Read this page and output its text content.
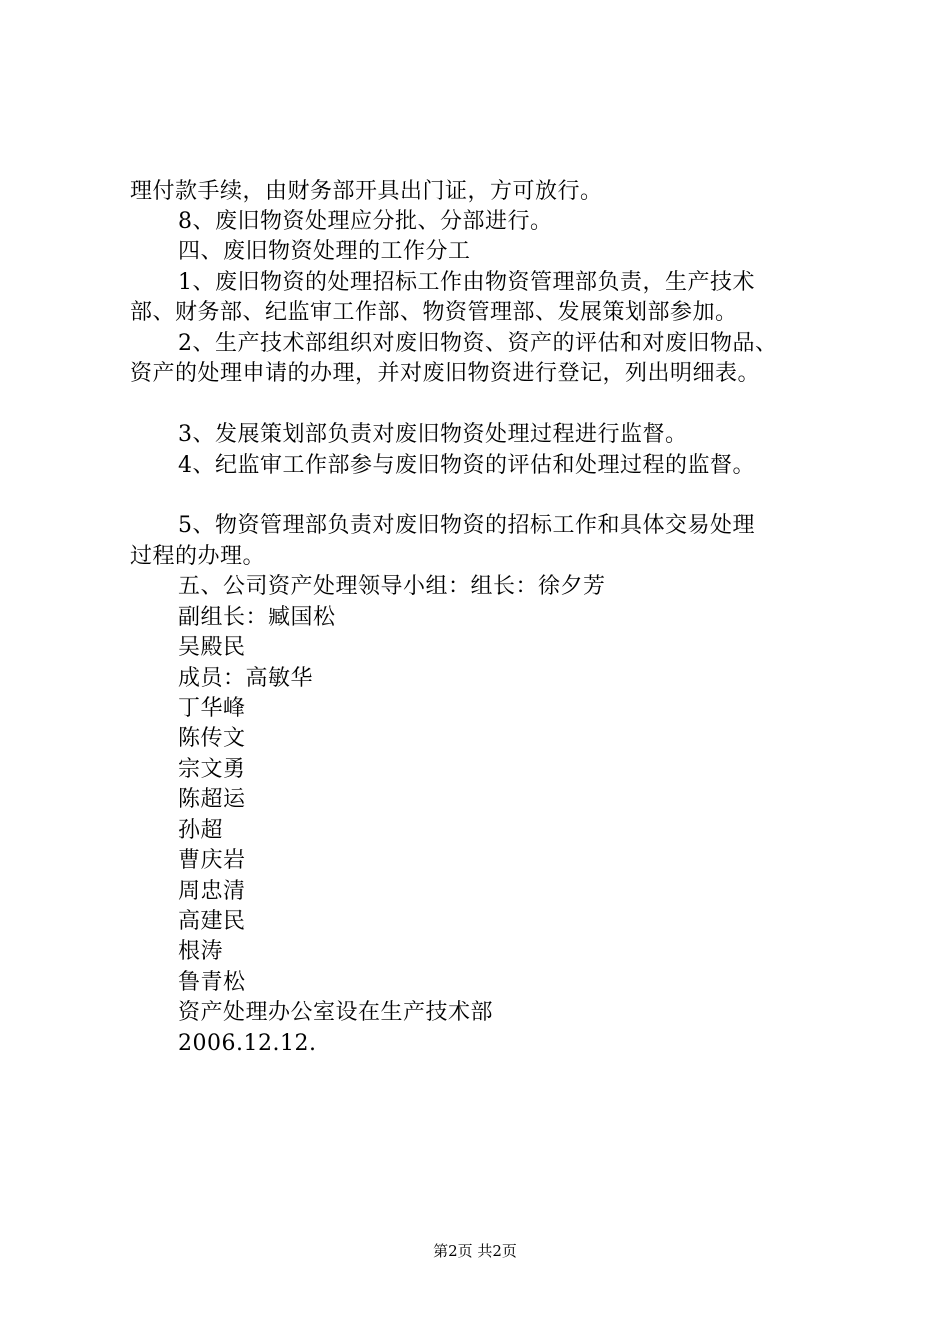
理付款手续，由财务部开具出门证，方可放行。
8、废旧物资处理应分批、分部进行。
四、废旧物资处理的工作分工
1、废旧物资的处理招标工作由物资管理部负责，生产技术
部、财务部、纪监审工作部、物资管理部、发展策划部参加。
2、生产技术部组织对废旧物资、资产的评估和对废旧物品、
资产的处理申请的办理，并对废旧物资进行登记，列出明细表。
3、发展策划部负责对废旧物资处理过程进行监督。
4、纪监审工作部参与废旧物资的评估和处理过程的监督。
5、物资管理部负责对废旧物资的招标工作和具体交易处理
过程的办理。
五、公司资产处理领导小组：组长：徐夕芳
副组长：臧国松
吴殿民
成员：高敏华
丁华峰
陈传文
宗文勇
陈超运
孙超
曹庆岩
周忠清
高建民
根涛
鲁青松
资产处理办公室设在生产技术部
2006.12.12.
第2页 共2页
